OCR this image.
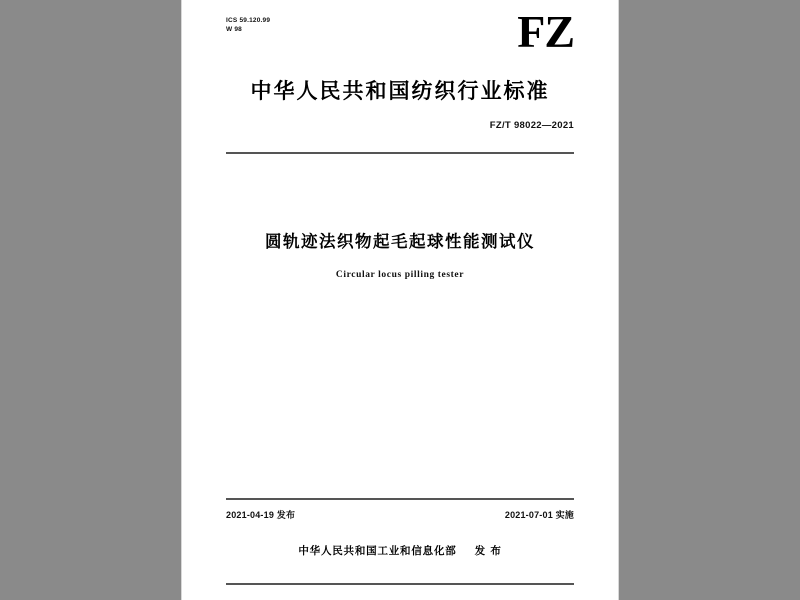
ICS 59.120.99
W 98	FZ
中华人民共和国纺织行业标准
FZ/T 98022—2021
圆轨迹法织物起毛起球性能测试仪
Circular locus pilling tester
2021-04-19 发布	2021-07-01 实施
中华人民共和国工业和信息化部 发 布
